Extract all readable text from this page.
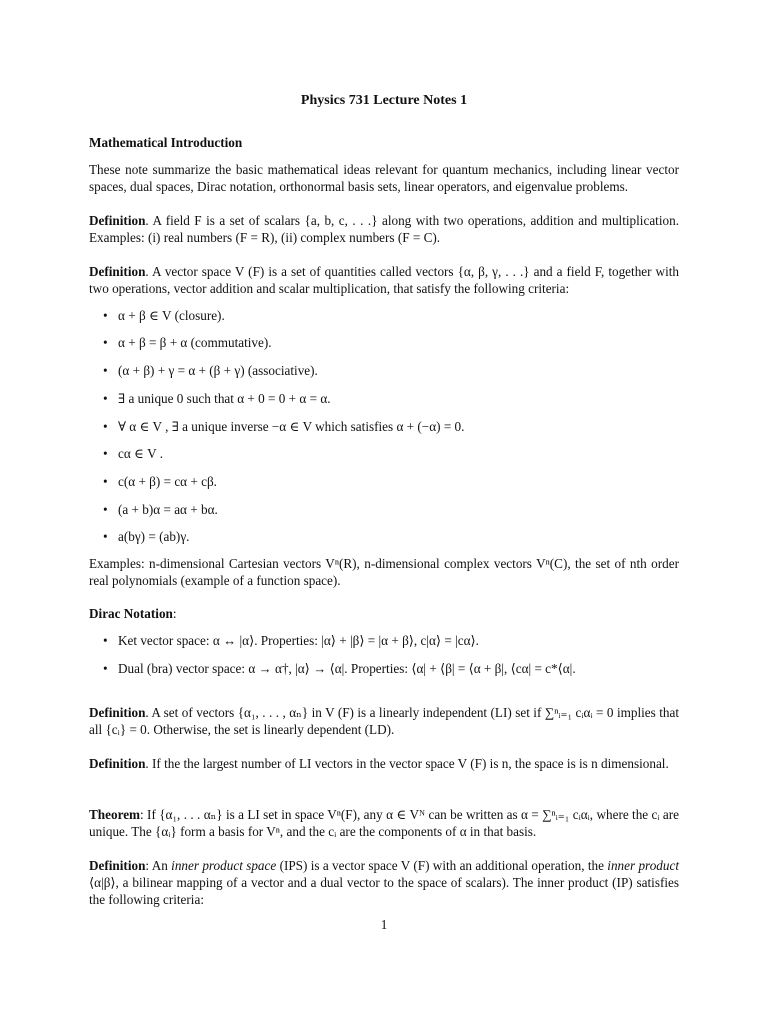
Physics 731 Lecture Notes 1
Mathematical Introduction
These note summarize the basic mathematical ideas relevant for quantum mechanics, including linear vector spaces, dual spaces, Dirac notation, orthonormal basis sets, linear operators, and eigenvalue problems.
Definition. A field F is a set of scalars {a, b, c, . . .} along with two operations, addition and multiplication. Examples: (i) real numbers (F = R), (ii) complex numbers (F = C).
Definition. A vector space V (F) is a set of quantities called vectors {α, β, γ, . . .} and a field F, together with two operations, vector addition and scalar multiplication, that satisfy the following criteria:
• α + β ∈ V (closure).
• α + β = β + α (commutative).
• (α + β) + γ = α + (β + γ) (associative).
• ∃ a unique 0 such that α + 0 = 0 + α = α.
• ∀ α ∈ V , ∃ a unique inverse −α ∈ V which satisfies α + (−α) = 0.
• cα ∈ V .
• c(α + β) = cα + cβ.
• (a + b)α = aα + bα.
• a(bγ) = (ab)γ.
Examples: n-dimensional Cartesian vectors Vⁿ(R), n-dimensional complex vectors Vⁿ(C), the set of nth order real polynomials (example of a function space).
Dirac Notation:
• Ket vector space: α ↔ |α⟩. Properties: |α⟩ + |β⟩ = |α + β⟩, c|α⟩ = |cα⟩.
• Dual (bra) vector space: α → α†, |α⟩ → ⟨α|. Properties: ⟨α| + ⟨β| = ⟨α + β|, ⟨cα| = c*⟨α|.
Definition. A set of vectors {α₁, . . . , αₙ} in V (F) is a linearly independent (LI) set if ∑ⁿᵢ₌₁ cᵢαᵢ = 0 implies that all {cᵢ} = 0. Otherwise, the set is linearly dependent (LD).
Definition. If the the largest number of LI vectors in the vector space V (F) is n, the space is is n dimensional.
Theorem: If {α₁, . . . αₙ} is a LI set in space Vⁿ(F), any α ∈ Vᴺ can be written as α = ∑ⁿᵢ₌₁ cᵢαᵢ, where the cᵢ are unique. The {αᵢ} form a basis for Vⁿ, and the cᵢ are the components of α in that basis.
Definition: An inner product space (IPS) is a vector space V (F) with an additional operation, the inner product ⟨α|β⟩, a bilinear mapping of a vector and a dual vector to the space of scalars). The inner product (IP) satisfies the following criteria:
1
